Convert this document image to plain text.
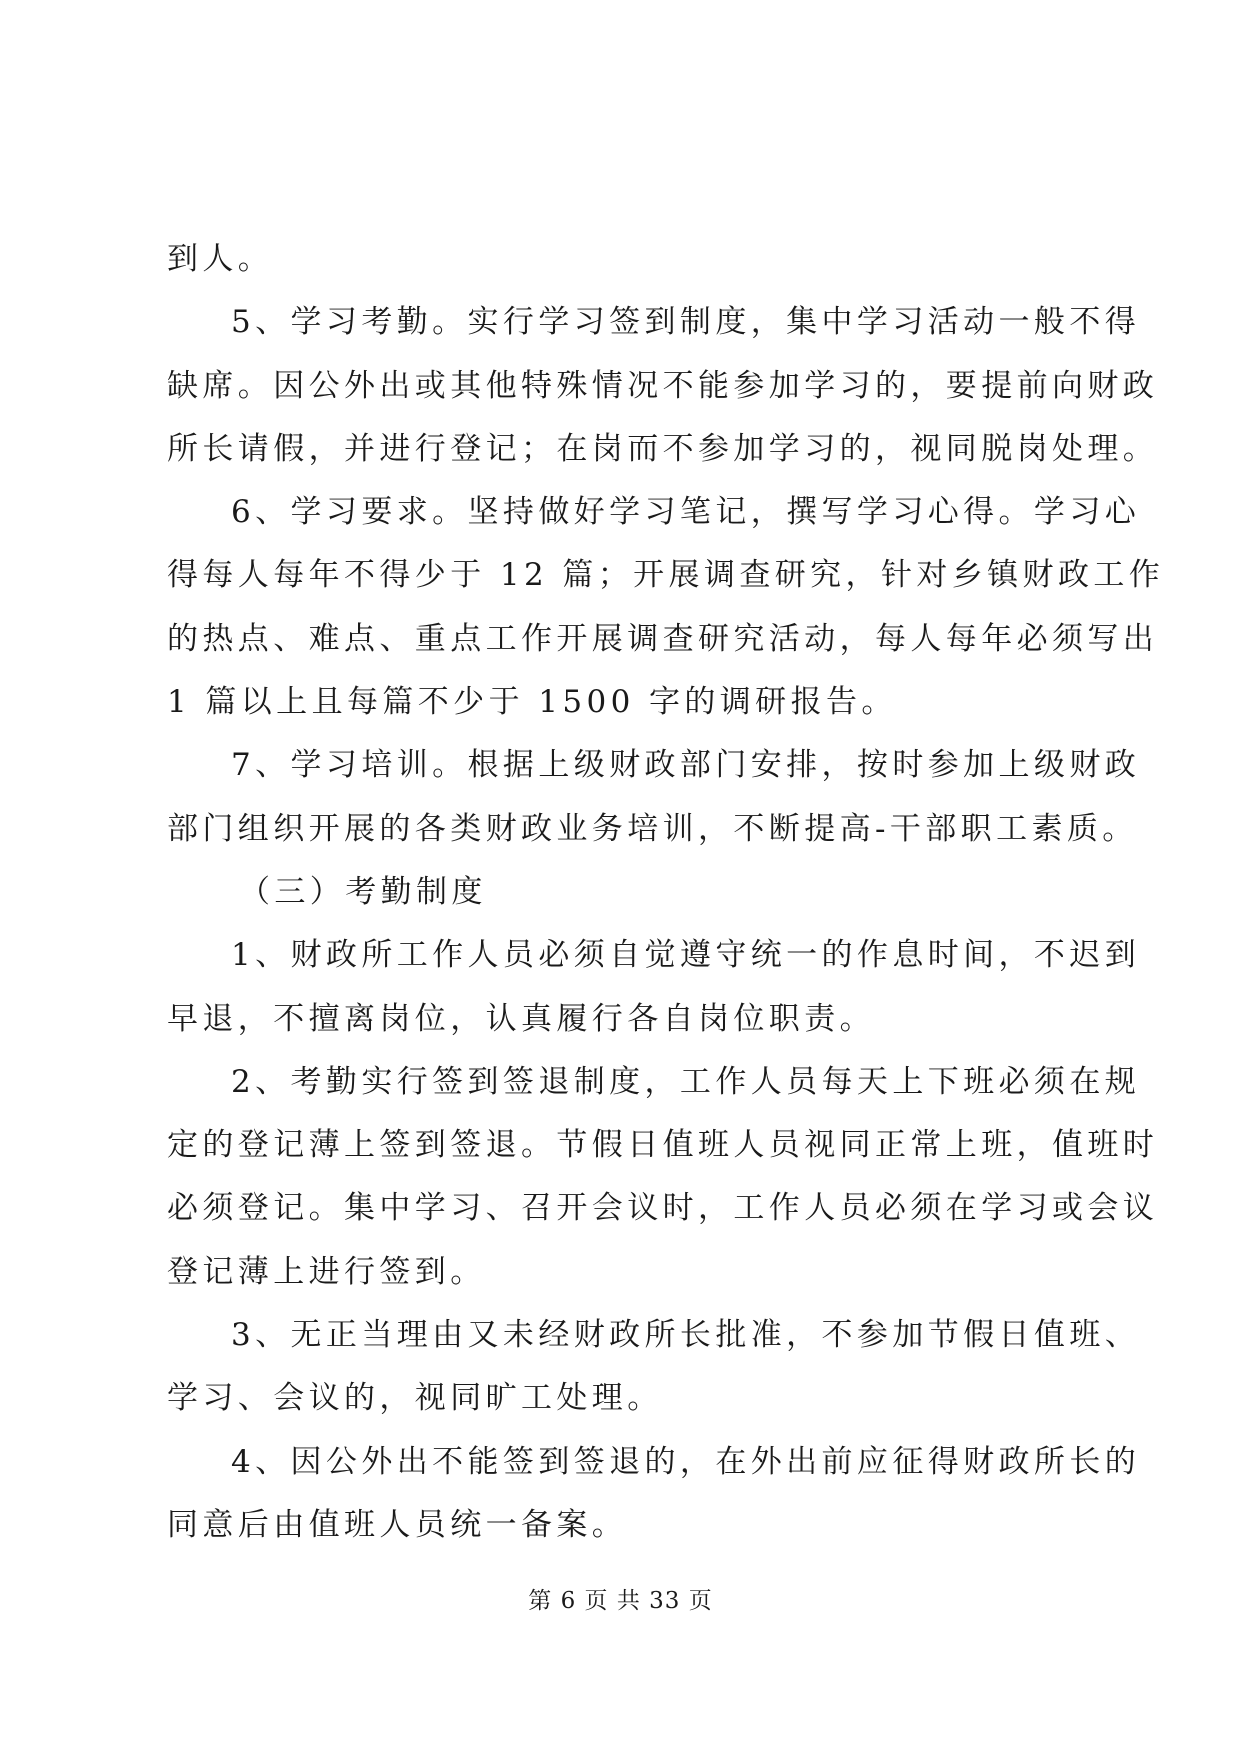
到人。
5、学习考勤。实行学习签到制度，集中学习活动一般不得
缺席。因公外出或其他特殊情况不能参加学习的，要提前向财政
所长请假，并进行登记；在岗而不参加学习的，视同脱岗处理。
6、学习要求。坚持做好学习笔记，撰写学习心得。学习心
得每人每年不得少于 12 篇；开展调查研究，针对乡镇财政工作
的热点、难点、重点工作开展调查研究活动，每人每年必须写出
1 篇以上且每篇不少于 1500 字的调研报告。
7、学习培训。根据上级财政部门安排，按时参加上级财政
部门组织开展的各类财政业务培训，不断提高-干部职工素质。
（三）考勤制度
1、财政所工作人员必须自觉遵守统一的作息时间，不迟到
早退，不擅离岗位，认真履行各自岗位职责。
2、考勤实行签到签退制度，工作人员每天上下班必须在规
定的登记薄上签到签退。节假日值班人员视同正常上班，值班时
必须登记。集中学习、召开会议时，工作人员必须在学习或会议
登记薄上进行签到。
3、无正当理由又未经财政所长批准，不参加节假日值班、
学习、会议的，视同旷工处理。
4、因公外出不能签到签退的，在外出前应征得财政所长的
同意后由值班人员统一备案。
第 6 页 共 33 页
